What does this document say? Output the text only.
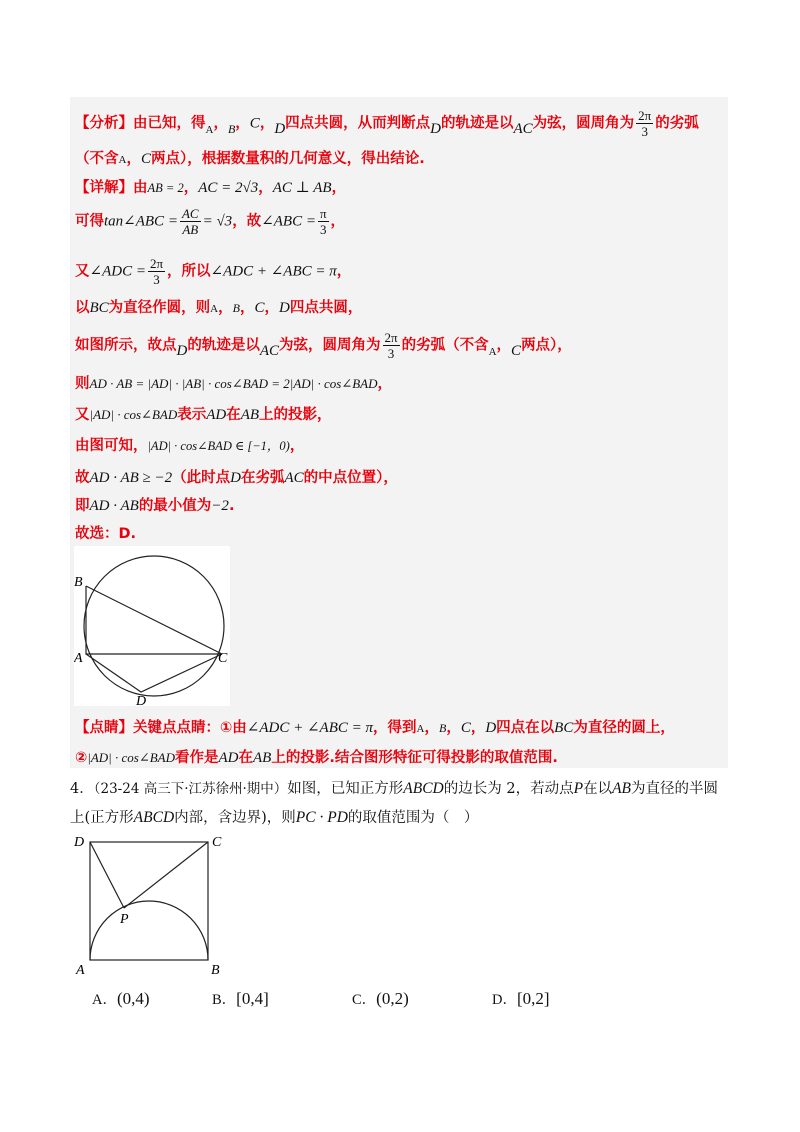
【分析】由已知，得$_A$，$_B$，C，D四点共圆，从而判断点D的轨迹是以AC为弦，圆周角为 $\frac{2\pi}{3}$ 的劣弧
（不含A，C两点），根据数量积的几何意义，得出结论.
【详解】由AB = 2，AC = 2√3，AC ⊥ AB，
可得tan∠ABC = $\frac{AC}{AB} = √3$，故∠ABC = $\frac{\pi}{3}$ ，
又∠ADC = $\frac{2\pi}{3}$ ，所以∠ADC + ∠ABC = π，
以BC为直径作圆，则A，B，C，D四点共圆，
如图所示，故点D的轨迹是以AC为弦，圆周角为 $\frac{2\pi}{3}$ 的劣弧（不含$_A$，C两点），
则AD · AB = |AD| · |AB| · cos∠BAD = 2|AD| · cos∠BAD，
又|AD| · cos∠BAD表示AD在AB上的投影，
由图可知，|AD| · cos∠BAD ∈ [−1，0)，
故AD · AB ≥ −2（此时点D在劣弧AC的中点位置），
即AD · AB的最小值为−2.
故选：D.
B
A	C
D
【点睛】关键点点睛：①由∠ADC + ∠ABC = π，得到A，B，C，D四点在以BC为直径的圆上，
②|AD| · cos∠BAD看作是AD在AB上的投影.结合图形特征可得投影的取值范围.
4．（23-24 高三下·江苏徐州·期中）如图，已知正方形ABCD的边长为 2，若动点P在以AB为直径的半圆
上(正方形ABCD内部，含边界)，则PC · PD的取值范围为（　）
D	C
P
A	B
A．(0,4)	B．[0,4]	C．(0,2)	D．[0,2]
